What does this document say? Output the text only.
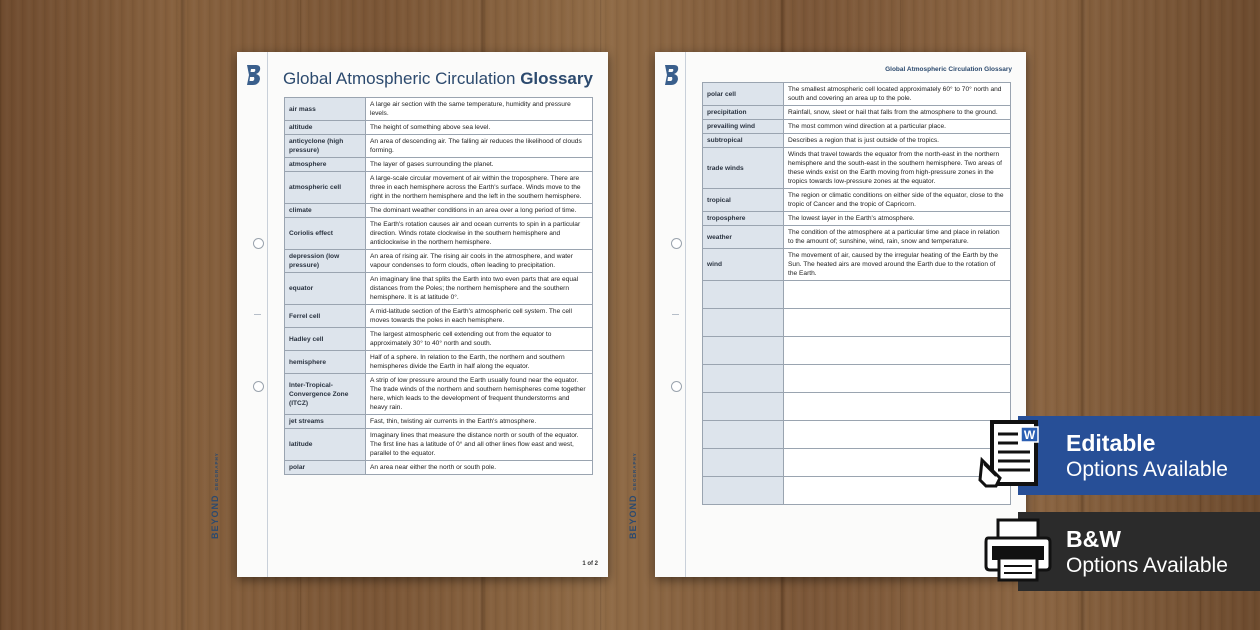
BEYONDGEOGRAPHY
Global Atmospheric Circulation Glossary
air mass	A large air section with the same temperature, humidity and pressure levels.
altitude	The height of something above sea level.
anticyclone (high pressure)	An area of descending air. The falling air reduces the likelihood of clouds forming.
atmosphere	The layer of gases surrounding the planet.
atmospheric cell	A large-scale circular movement of air within the troposphere. There are three in each hemisphere across the Earth's surface. Winds move to the right in the northern hemisphere and the left in the southern hemisphere.
climate	The dominant weather conditions in an area over a long period of time.
Coriolis effect	The Earth's rotation causes air and ocean currents to spin in a particular direction. Winds rotate clockwise in the southern hemisphere and anticlockwise in the northern hemisphere.
depression (low pressure)	An area of rising air. The rising air cools in the atmosphere, and water vapour condenses to form clouds, often leading to precipitation.
equator	An imaginary line that splits the Earth into two even parts that are equal distances from the Poles; the northern hemisphere and the southern hemisphere. It is at latitude 0°.
Ferrel cell	A mid-latitude section of the Earth's atmospheric cell system. The cell moves towards the poles in each hemisphere.
Hadley cell	The largest atmospheric cell extending out from the equator to approximately 30° to 40° north and south.
hemisphere	Half of a sphere. In relation to the Earth, the northern and southern hemispheres divide the Earth in half along the equator.
Inter-Tropical-Convergence Zone (ITCZ)	A strip of low pressure around the Earth usually found near the equator. The trade winds of the northern and southern hemispheres come together here, which leads to the development of frequent thunderstorms and heavy rain.
jet streams	Fast, thin, twisting air currents in the Earth's atmosphere.
latitude	Imaginary lines that measure the distance north or south of the equator. The first line has a latitude of 0° and all other lines flow east and west, parallel to the equator.
polar	An area near either the north or south pole.
1 of 2
BEYONDGEOGRAPHY
Global Atmospheric Circulation Glossary
polar cell	The smallest atmospheric cell located approximately 60° to 70° north and south and covering an area up to the pole.
precipitation	Rainfall, snow, sleet or hail that falls from the atmosphere to the ground.
prevailing wind	The most common wind direction at a particular place.
subtropical	Describes a region that is just outside of the tropics.
trade winds	Winds that travel towards the equator from the north-east in the northern hemisphere and the south-east in the southern hemisphere. Two areas of these winds exist on the Earth moving from high-pressure zones in the tropics towards low-pressure zones at the equator.
tropical	The region or climatic conditions on either side of the equator, close to the tropic of Cancer and the tropic of Capricorn.
troposphere	The lowest layer in the Earth's atmosphere.
weather	The condition of the atmosphere at a particular time and place in relation to the amount of; sunshine, wind, rain, snow and temperature.
wind	The movement of air, caused by the irregular heating of the Earth by the Sun. The heated airs are moved around the Earth due to the rotation of the Earth.

Editable
Options Available
W
B&W
Options Available
